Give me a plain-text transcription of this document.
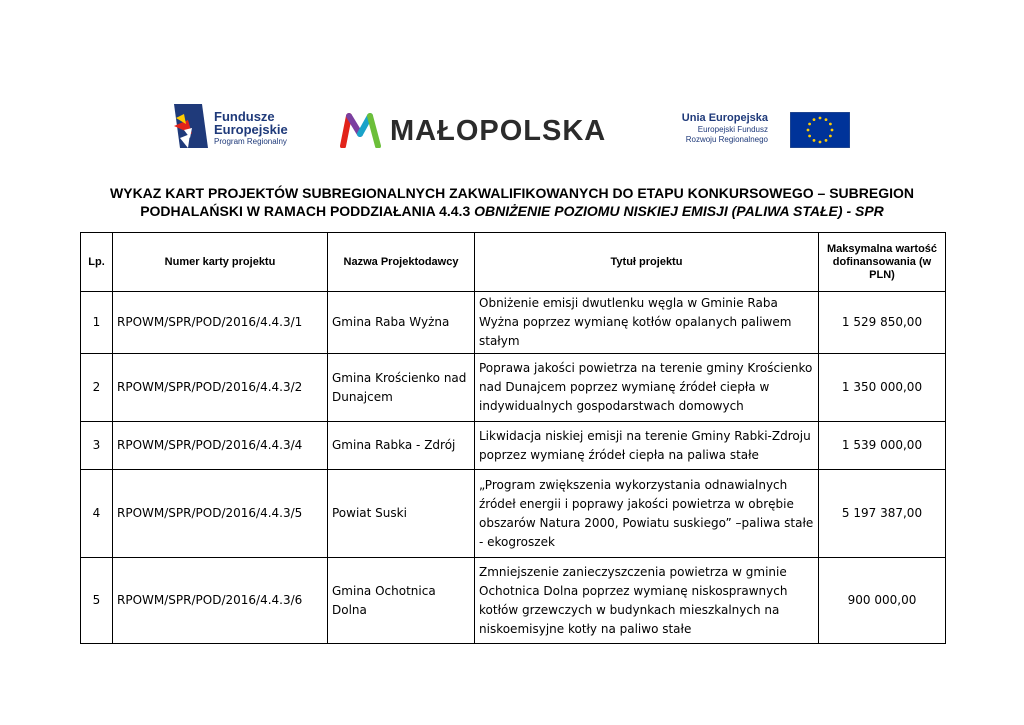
Fundusze
Europejskie
Program Regionalny	MAŁOPOLSKA	Unia Europejska
Europejski Fundusz
Rozwoju Regionalnego
WYKAZ KART PROJEKTÓW SUBREGIONALNYCH ZAKWALIFIKOWANYCH DO ETAPU KONKURSOWEGO – SUBREGION
PODHALAŃSKI W RAMACH PODDZIAŁANIA 4.4.3 OBNIŻENIE POZIOMU NISKIEJ EMISJI (PALIWA STAŁE) - SPR
Lp.	Numer karty projektu	Nazwa Projektodawcy	Tytuł projektu	Maksymalna wartość dofinansowania (w PLN)
1	RPOWM/SPR/POD/2016/4.4.3/1	Gmina Raba Wyżna	Obniżenie emisji dwutlenku węgla w Gminie Raba Wyżna poprzez wymianę kotłów opalanych paliwem stałym	1 529 850,00
2	RPOWM/SPR/POD/2016/4.4.3/2	Gmina Krościenko nad Dunajcem	Poprawa jakości powietrza na terenie gminy Krościenko nad Dunajcem poprzez wymianę źródeł ciepła w indywidualnych gospodarstwach domowych	1 350 000,00
3	RPOWM/SPR/POD/2016/4.4.3/4	Gmina Rabka - Zdrój	Likwidacja niskiej emisji na terenie Gminy Rabki-Zdroju poprzez wymianę źródeł ciepła na paliwa stałe	1 539 000,00
4	RPOWM/SPR/POD/2016/4.4.3/5	Powiat Suski	„Program zwiększenia wykorzystania odnawialnych źródeł energii i poprawy jakości powietrza w obrębie obszarów Natura 2000, Powiatu suskiego” –paliwa stałe - ekogroszek	5 197 387,00
5	RPOWM/SPR/POD/2016/4.4.3/6	Gmina Ochotnica Dolna	Zmniejszenie zanieczyszczenia powietrza w gminie Ochotnica Dolna poprzez wymianę niskosprawnych kotłów grzewczych w budynkach mieszkalnych na niskoemisyjne kotły na paliwo stałe	900 000,00
